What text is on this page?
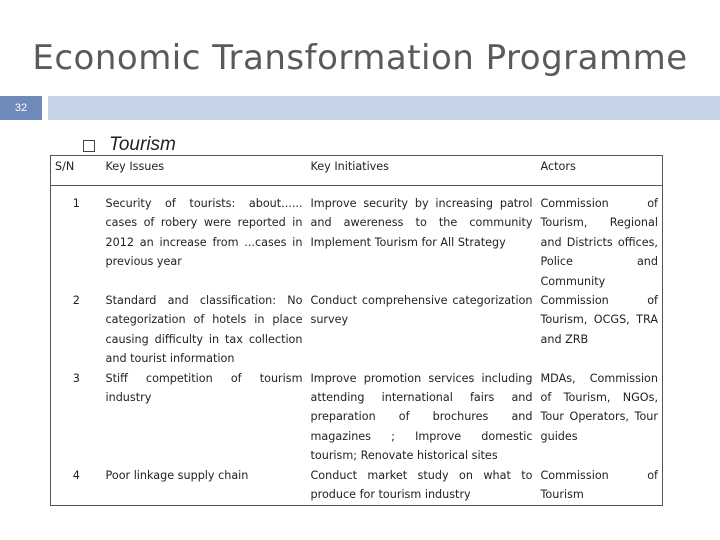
Economic Transformation Programme
32
Tourism
S/N	Key Issues	Key Initiatives	Actors
1	Security of tourists: about...... cases of robery were reported in 2012 an increase from ...cases in previous year	Improve security by increasing patrol and awereness to the community Implement Tourism for All Strategy	Commission of Tourism, Regional and Districts offices, Police and Community
2	Standard and classification: No categorization of hotels in place causing difficulty in tax collection and tourist information	Conduct comprehensive categorization survey	Commission of Tourism, OCGS, TRA and ZRB
3	Stiff competition of tourism industry	Improve promotion services including attending international fairs and preparation of brochures and magazines ; Improve domestic tourism; Renovate historical sites	MDAs, Commission of Tourism, NGOs, Tour Operators, Tour guides
4	Poor linkage supply chain	Conduct market study on what to produce for tourism industry	Commission of Tourism
